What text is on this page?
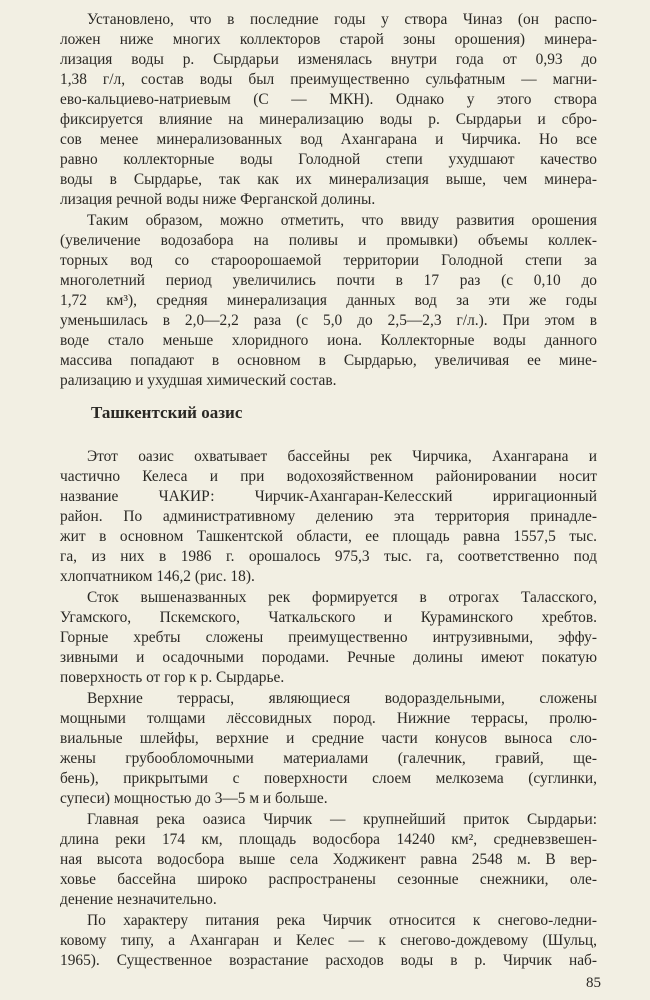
Установлено, что в последние годы у створа Чиназ (он распо-
ложен ниже многих коллекторов старой зоны орошения) минера-
лизация воды р. Сырдарьи изменялась внутри года от 0,93 до
1,38 г/л, состав воды был преимущественно сульфатным — магни-
ево-кальциево-натриевым (С — МКН). Однако у этого створа
фиксируется влияние на минерализацию воды р. Сырдарьи и сбро-
сов менее минерализованных вод Ахангарана и Чирчика. Но все
равно коллекторные воды Голодной степи ухудшают качество
воды в Сырдарье, так как их минерализация выше, чем минера-
лизация речной воды ниже Ферганской долины.
Таким образом, можно отметить, что ввиду развития орошения
(увеличение водозабора на поливы и промывки) объемы коллек-
торных вод со староорошаемой территории Голодной степи за
многолетний период увеличились почти в 17 раз (с 0,10 до
1,72 км³), средняя минерализация данных вод за эти же годы
уменьшилась в 2,0—2,2 раза (с 5,0 до 2,5—2,3 г/л.). При этом в
воде стало меньше хлоридного иона. Коллекторные воды данного
массива попадают в основном в Сырдарью, увеличивая ее мине-
рализацию и ухудшая химический состав.
Ташкентский оазис
Этот оазис охватывает бассейны рек Чирчика, Ахангарана и
частично Келеса и при водохозяйственном районировании носит
название ЧАКИР: Чирчик-Ахангаран-Келесский ирригационный
район. По административному делению эта территория принадле-
жит в основном Ташкентской области, ее площадь равна 1557,5 тыс.
га, из них в 1986 г. орошалось 975,3 тыс. га, соответственно под
хлопчатником 146,2 (рис. 18).
Сток вышеназванных рек формируется в отрогах Таласского,
Угамского, Пскемского, Чаткальского и Кураминского хребтов.
Горные хребты сложены преимущественно интрузивными, эффу-
зивными и осадочными породами. Речные долины имеют покатую
поверхность от гор к р. Сырдарье.
Верхние террасы, являющиеся водораздельными, сложены
мощными толщами лёссовидных пород. Нижние террасы, пролю-
виальные шлейфы, верхние и средние части конусов выноса сло-
жены грубообломочными материалами (галечник, гравий, ще-
бень), прикрытыми с поверхности слоем мелкозема (суглинки,
супеси) мощностью до 3—5 м и больше.
Главная река оазиса Чирчик — крупнейший приток Сырдарьи:
длина реки 174 км, площадь водосбора 14240 км², средневзвешен-
ная высота водосбора выше села Ходжикент равна 2548 м. В вер-
ховье бассейна широко распространены сезонные снежники, оле-
денение незначительно.
По характеру питания река Чирчик относится к снегово-ледни-
ковому типу, а Ахангаран и Келес — к снегово-дождевому (Шульц,
1965). Существенное возрастание расходов воды в р. Чирчик наб-
85
